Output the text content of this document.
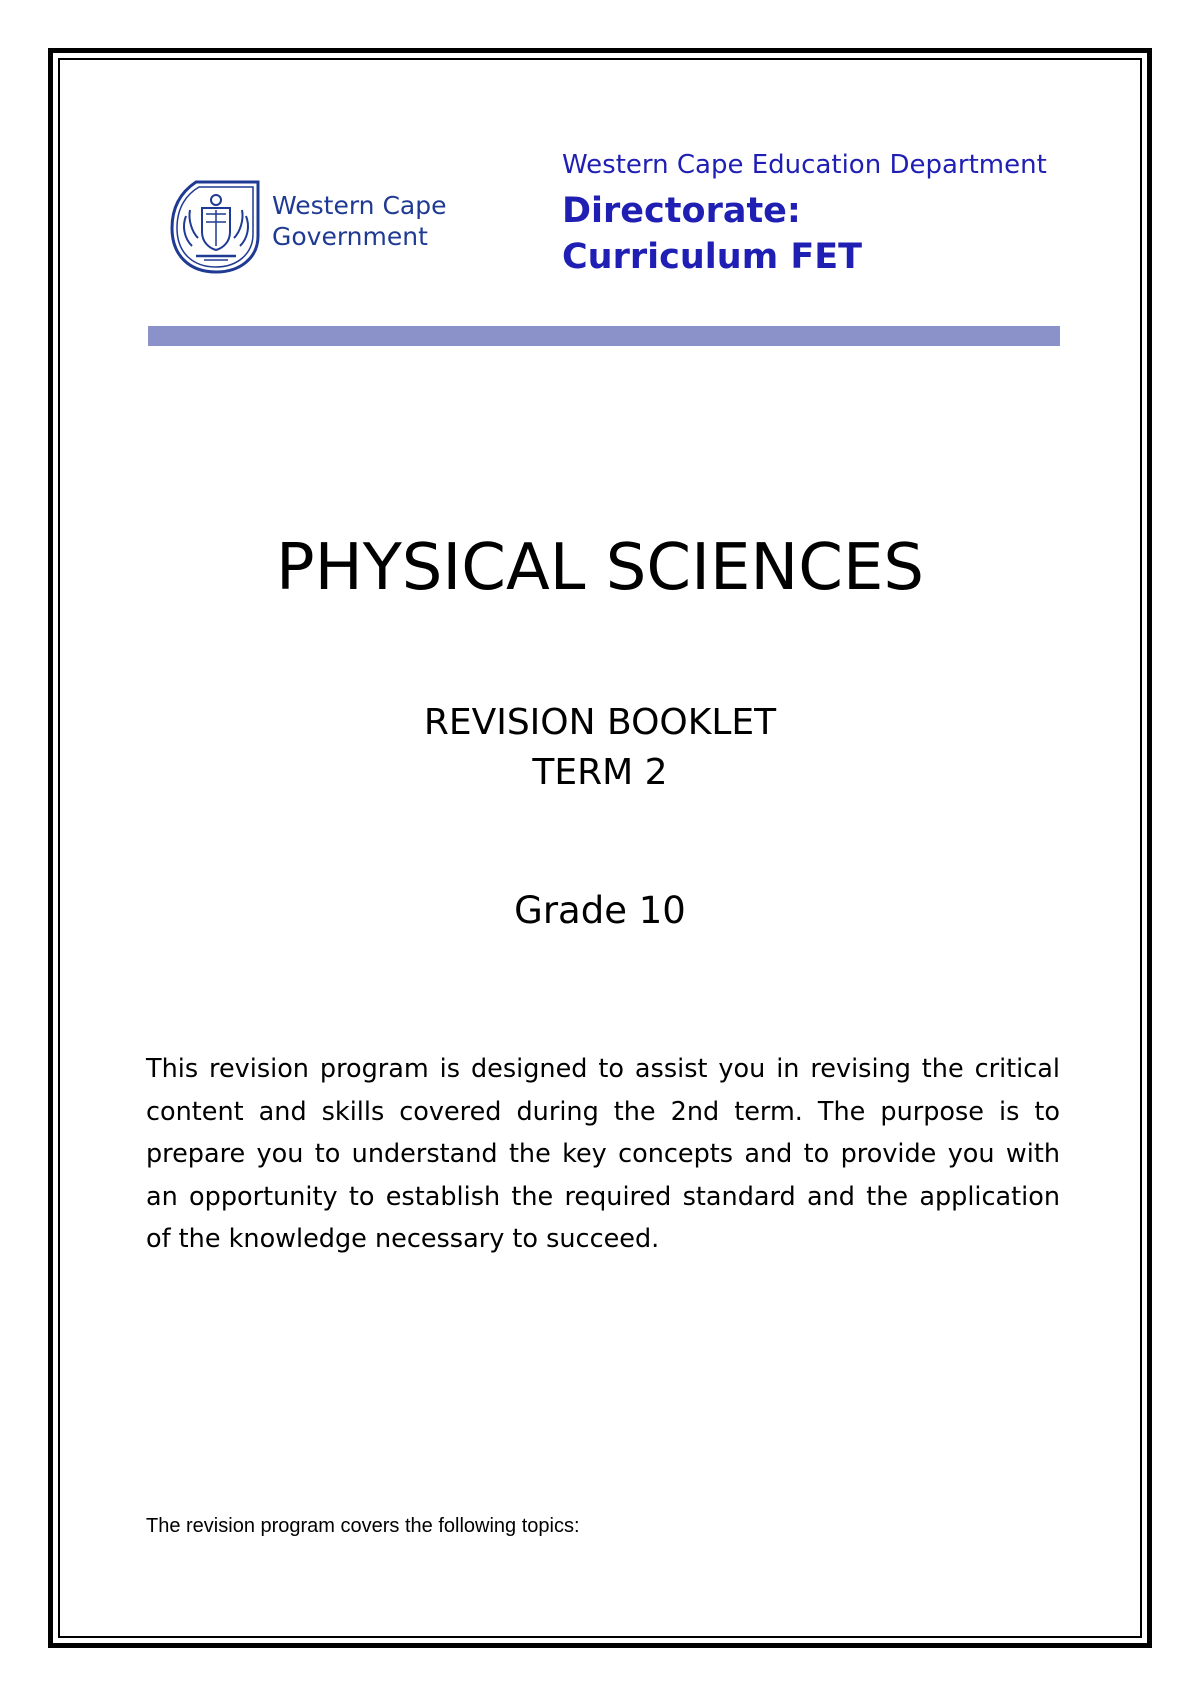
Western Cape
Government
Western Cape Education Department
Directorate:
Curriculum FET
PHYSICAL SCIENCES
REVISION BOOKLET
TERM 2
Grade 10

This revision program is designed to assist you in revising the critical content and skills covered during the 2nd term. The purpose is to prepare you to understand the key concepts and to provide you with an opportunity to establish the required standard and the application of the knowledge necessary to succeed.

The revision program covers the following topics:
